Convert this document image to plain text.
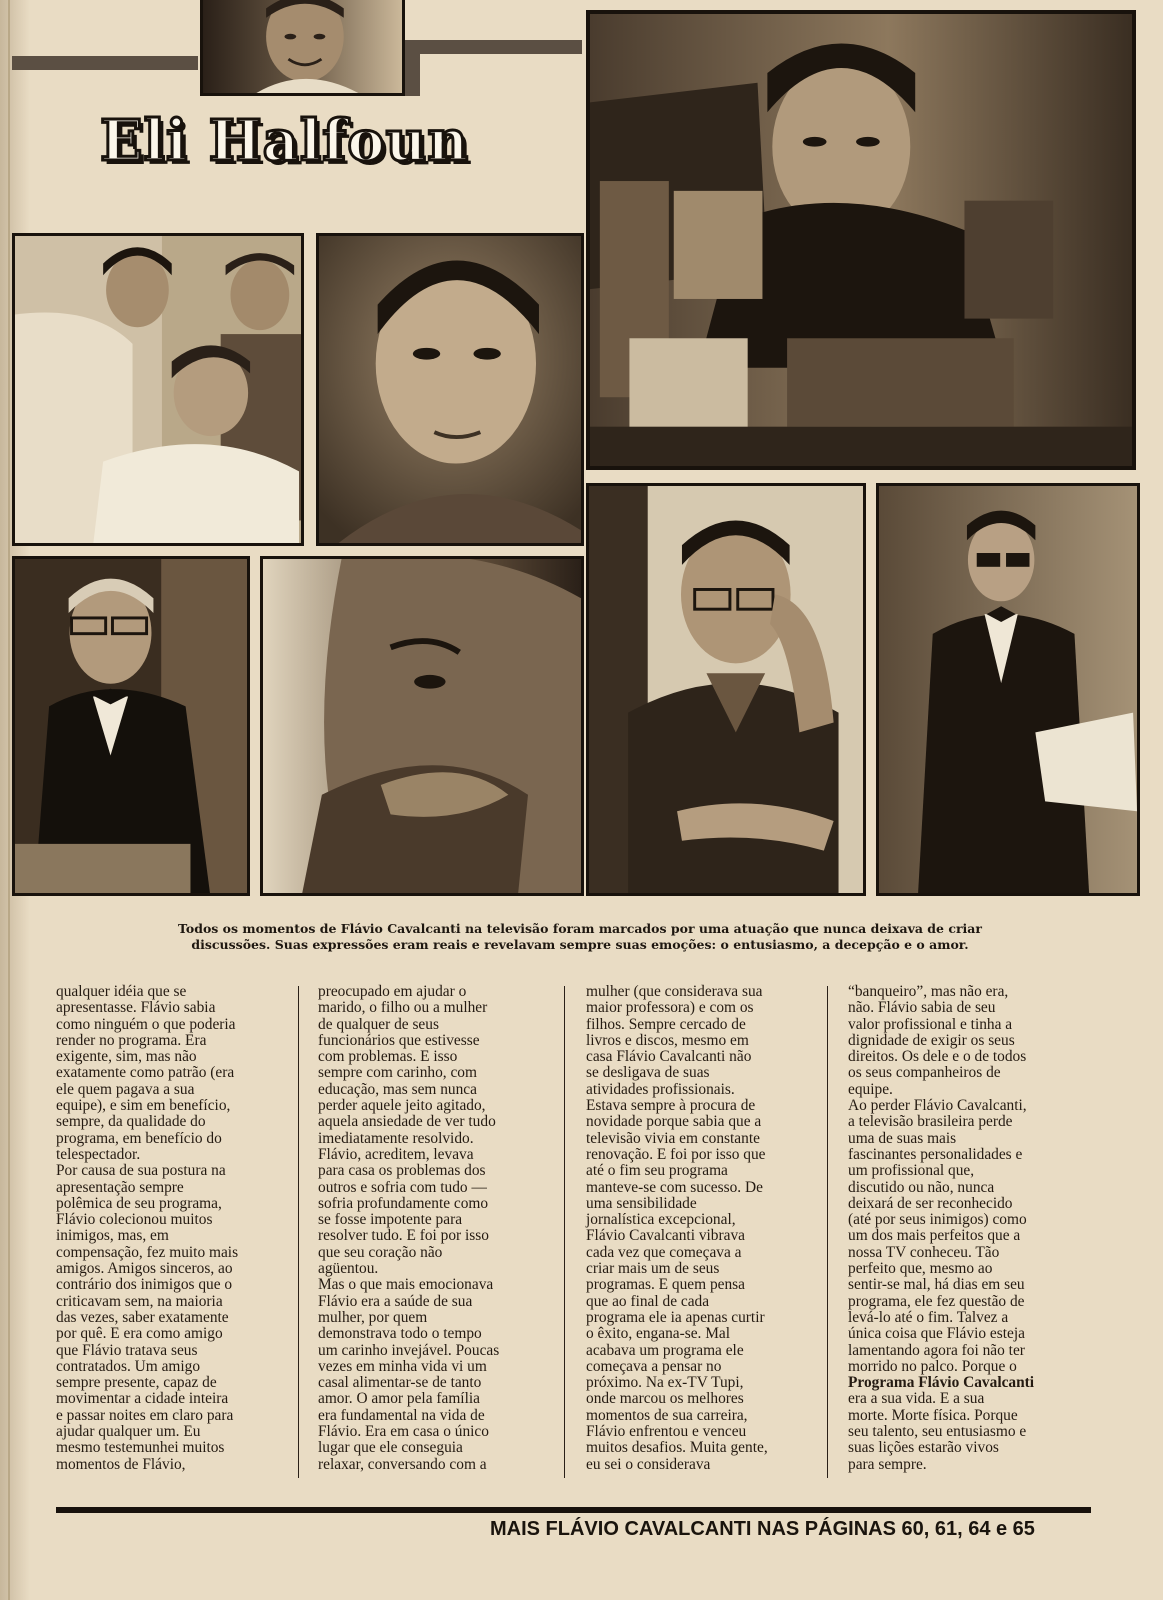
Eli Halfoun

Todos os momentos de Flávio Cavalcanti na televisão foram marcados por uma atuação que nunca deixava de criar discussões. Suas expressões eram reais e revelavam sempre suas emoções: o entusiasmo, a decepção e o amor.

qualquer idéia que se
apresentasse. Flávio sabia
como ninguém o que poderia
render no programa. Era
exigente, sim, mas não
exatamente como patrão (era
ele quem pagava a sua
equipe), e sim em benefício,
sempre, da qualidade do
programa, em benefício do
telespectador.
Por causa de sua postura na
apresentação sempre
polêmica de seu programa,
Flávio colecionou muitos
inimigos, mas, em
compensação, fez muito mais
amigos. Amigos sinceros, ao
contrário dos inimigos que o
criticavam sem, na maioria
das vezes, saber exatamente
por quê. E era como amigo
que Flávio tratava seus
contratados. Um amigo
sempre presente, capaz de
movimentar a cidade inteira
e passar noites em claro para
ajudar qualquer um. Eu
mesmo testemunhei muitos
momentos de Flávio,
preocupado em ajudar o
marido, o filho ou a mulher
de qualquer de seus
funcionários que estivesse
com problemas. E isso
sempre com carinho, com
educação, mas sem nunca
perder aquele jeito agitado,
aquela ansiedade de ver tudo
imediatamente resolvido.
Flávio, acreditem, levava
para casa os problemas dos
outros e sofria com tudo —
sofria profundamente como
se fosse impotente para
resolver tudo. E foi por isso
que seu coração não
agüentou.
Mas o que mais emocionava
Flávio era a saúde de sua
mulher, por quem
demonstrava todo o tempo
um carinho invejável. Poucas
vezes em minha vida vi um
casal alimentar-se de tanto
amor. O amor pela família
era fundamental na vida de
Flávio. Era em casa o único
lugar que ele conseguia
relaxar, conversando com a
mulher (que considerava sua
maior professora) e com os
filhos. Sempre cercado de
livros e discos, mesmo em
casa Flávio Cavalcanti não
se desligava de suas
atividades profissionais.
Estava sempre à procura de
novidade porque sabia que a
televisão vivia em constante
renovação. E foi por isso que
até o fim seu programa
manteve-se com sucesso. De
uma sensibilidade
jornalística excepcional,
Flávio Cavalcanti vibrava
cada vez que começava a
criar mais um de seus
programas. E quem pensa
que ao final de cada
programa ele ia apenas curtir
o êxito, engana-se. Mal
acabava um programa ele
começava a pensar no
próximo. Na ex-TV Tupi,
onde marcou os melhores
momentos de sua carreira,
Flávio enfrentou e venceu
muitos desafios. Muita gente,
eu sei o considerava
“banqueiro”, mas não era,
não. Flávio sabia de seu
valor profissional e tinha a
dignidade de exigir os seus
direitos. Os dele e o de todos
os seus companheiros de
equipe.
Ao perder Flávio Cavalcanti,
a televisão brasileira perde
uma de suas mais
fascinantes personalidades e
um profissional que,
discutido ou não, nunca
deixará de ser reconhecido
(até por seus inimigos) como
um dos mais perfeitos que a
nossa TV conheceu. Tão
perfeito que, mesmo ao
sentir-se mal, há dias em seu
programa, ele fez questão de
levá-lo até o fim. Talvez a
única coisa que Flávio esteja
lamentando agora foi não ter
morrido no palco. Porque o
Programa Flávio Cavalcanti
era a sua vida. E a sua
morte. Morte física. Porque
seu talento, seu entusiasmo e
suas lições estarão vivos
para sempre.

MAIS FLÁVIO CAVALCANTI NAS PÁGINAS 60, 61, 64 e 65
